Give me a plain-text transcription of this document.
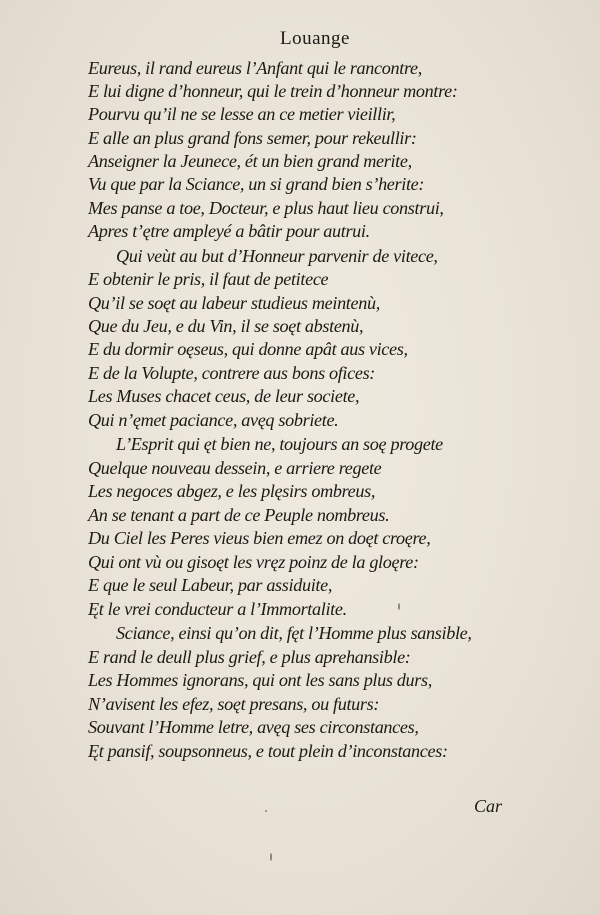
Louange
Eureus, il rand eureus l’Anfant qui le rancontre,
E lui digne d’honneur, qui le trein d’honneur montre:
Pourvu qu’il ne se lesse an ce metier vieillir,
E alle an plus grand fons semer, pour rekeullir:
Anseigner la Jeunece, ét un bien grand merite,
Vu que par la Sciance, un si grand bien s’herite:
Mes panse a toe, Docteur, e plus haut lieu construi,
Apres t’ętre ampleyé a bâtir pour autrui.
Qui veùt au but d’Honneur parvenir de vitece,
E obtenir le pris, il faut de petitece
Qu’il se soęt au labeur studieus meintenù,
Que du Jeu, e du Vin, il se soęt abstenù,
E du dormir oęseus, qui donne apât aus vices,
E de la Volupte, contrere aus bons ofices:
Les Muses chacet ceus, de leur societe,
Qui n’ęmet paciance, avęq sobriete.
L’Esprit qui ęt bien ne, toujours an soę progete
Quelque nouveau dessein, e arriere regete
Les negoces abgez, e les plęsirs ombreus,
An se tenant a part de ce Peuple nombreus.
Du Ciel les Peres vieus bien emez on doęt croęre,
Qui ont vù ou gisoęt les vręz poinz de la gloęre:
E que le seul Labeur, par assiduite,
Ęt le vrei conducteur a l’Immortalite.
Sciance, einsi qu’on dit, fęt l’Homme plus sansible,
E rand le deull plus grief, e plus aprehansible:
Les Hommes ignorans, qui ont les sans plus durs,
N’avisent les efez, soęt presans, ou futurs:
Souvant l’Homme letre, avęq ses circonstances,
Ęt pansif, soupsonneus, e tout plein d’inconstances:
Car
